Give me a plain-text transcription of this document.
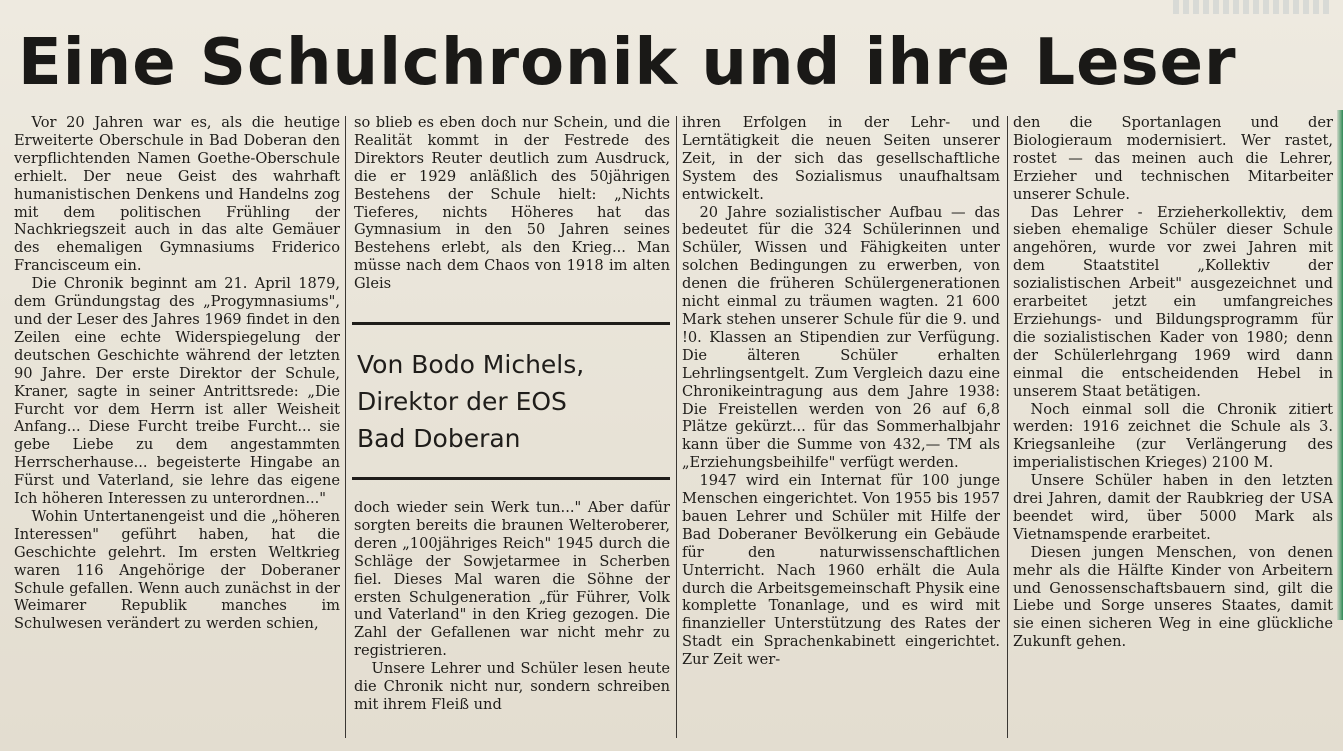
Eine Schulchronik und ihre Leser

Vor 20 Jahren war es, als die heutige Erweiterte Oberschule in Bad Doberan den verpflichtenden Namen Goethe-Oberschule erhielt. Der neue Geist des wahrhaft humanistischen Denkens und Handelns zog mit dem politischen Frühling der Nachkriegszeit auch in das alte Gemäuer des ehemaligen Gymnasiums Friderico Francisceum ein.

Die Chronik beginnt am 21. April 1879, dem Gründungstag des „Progymnasiums", und der Leser des Jahres 1969 findet in den Zeilen eine echte Widerspiegelung der deutschen Geschichte während der letzten 90 Jahre. Der erste Direktor der Schule, Kraner, sagte in seiner Antrittsrede: „Die Furcht vor dem Herrn ist aller Weisheit Anfang... Diese Furcht treibe Furcht... sie gebe Liebe zu dem angestammten Herrscherhause... begeisterte Hingabe an Fürst und Vaterland, sie lehre das eigene Ich höheren Interessen zu unterordnen..."

Wohin Untertanengeist und die „höheren Interessen" geführt haben, hat die Geschichte gelehrt. Im ersten Weltkrieg waren 116 Angehörige der Doberaner Schule gefallen. Wenn auch zunächst in der Weimarer Republik manches im Schulwesen verändert zu werden schien,

so blieb es eben doch nur Schein, und die Realität kommt in der Festrede des Direktors Reuter deutlich zum Ausdruck, die er 1929 anläßlich des 50jährigen Bestehens der Schule hielt: „Nichts Tieferes, nichts Höheres hat das Gymnasium in den 50 Jahren seines Bestehens erlebt, als den Krieg... Man müsse nach dem Chaos von 1918 im alten Gleis

Von Bodo Michels,
Direktor der EOS
Bad Doberan

doch wieder sein Werk tun..." Aber dafür sorgten bereits die braunen Welteroberer, deren „100jähriges Reich" 1945 durch die Schläge der Sowjetarmee in Scherben fiel. Dieses Mal waren die Söhne der ersten Schulgeneration „für Führer, Volk und Vaterland" in den Krieg gezogen. Die Zahl der Gefallenen war nicht mehr zu registrieren.

Unsere Lehrer und Schüler lesen heute die Chronik nicht nur, sondern schreiben mit ihrem Fleiß und

ihren Erfolgen in der Lehr- und Lerntätigkeit die neuen Seiten unserer Zeit, in der sich das gesellschaftliche System des Sozialismus unaufhaltsam entwickelt.

20 Jahre sozialistischer Aufbau — das bedeutet für die 324 Schülerinnen und Schüler, Wissen und Fähigkeiten unter solchen Bedingungen zu erwerben, von denen die früheren Schülergenerationen nicht einmal zu träumen wagten. 21 600 Mark stehen unserer Schule für die 9. und !0. Klassen an Stipendien zur Verfügung. Die älteren Schüler erhalten Lehrlingsentgelt. Zum Vergleich dazu eine Chronikeintragung aus dem Jahre 1938: Die Freistellen werden von 26 auf 6,8 Plätze gekürzt... für das Sommerhalbjahr kann über die Summe von 432,— TM als „Erziehungsbeihilfe" verfügt werden.

1947 wird ein Internat für 100 junge Menschen eingerichtet. Von 1955 bis 1957 bauen Lehrer und Schüler mit Hilfe der Bad Doberaner Bevölkerung ein Gebäude für den naturwissenschaftlichen Unterricht. Nach 1960 erhält die Aula durch die Arbeitsgemeinschaft Physik eine komplette Tonanlage, und es wird mit finanzieller Unterstützung des Rates der Stadt ein Sprachenkabinett eingerichtet. Zur Zeit wer-

den die Sportanlagen und der Biologieraum modernisiert. Wer rastet, rostet — das meinen auch die Lehrer, Erzieher und technischen Mitarbeiter unserer Schule.

Das Lehrer - Erzieherkollektiv, dem sieben ehemalige Schüler dieser Schule angehören, wurde vor zwei Jahren mit dem Staatstitel „Kollektiv der sozialistischen Arbeit" ausgezeichnet und erarbeitet jetzt ein umfangreiches Erziehungs- und Bildungsprogramm für die sozialistischen Kader von 1980; denn der Schülerlehrgang 1969 wird dann einmal die entscheidenden Hebel in unserem Staat betätigen.

Noch einmal soll die Chronik zitiert werden: 1916 zeichnet die Schule als 3. Kriegsanleihe (zur Verlängerung des imperialistischen Krieges) 2100 M.

Unsere Schüler haben in den letzten drei Jahren, damit der Raubkrieg der USA beendet wird, über 5000 Mark als Vietnamspende erarbeitet.

Diesen jungen Menschen, von denen mehr als die Hälfte Kinder von Arbeitern und Genossenschaftsbauern sind, gilt die Liebe und Sorge unseres Staates, damit sie einen sicheren Weg in eine glückliche Zukunft gehen.
